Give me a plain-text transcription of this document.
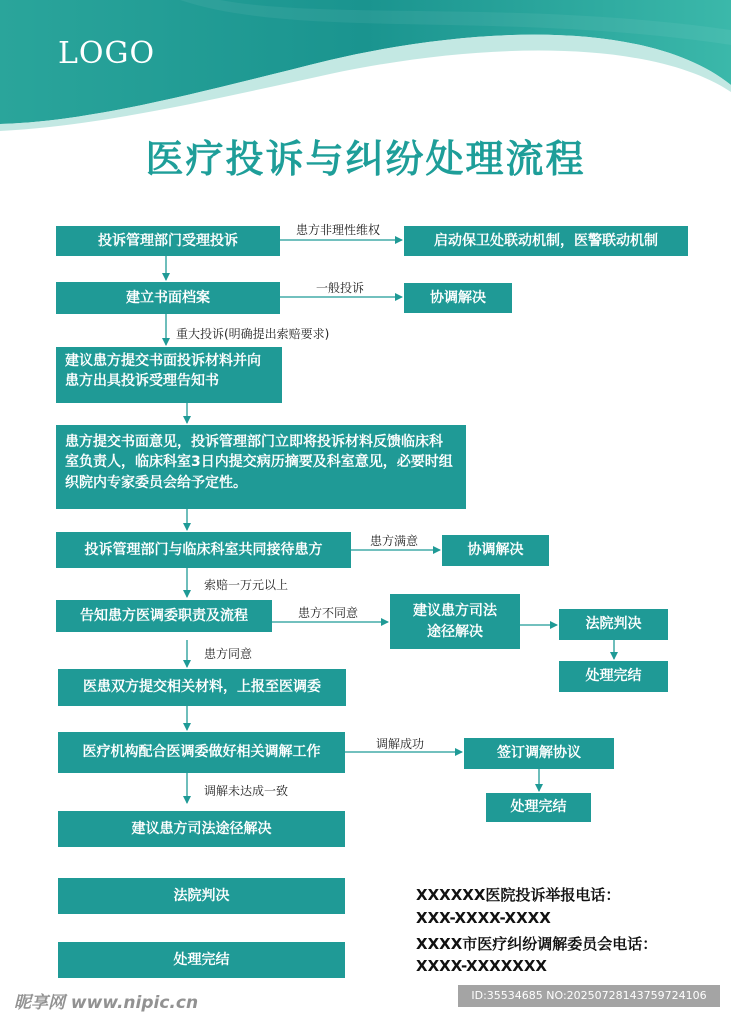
LOGO
医疗投诉与纠纷处理流程
投诉管理部门受理投诉	启动保卫处联动机制，医警联动机制
建立书面档案	协调解决
建议患方提交书面投诉材料并向患方出具投诉受理告知书
患方提交书面意见，投诉管理部门立即将投诉材料反馈临床科室负责人，临床科室3日内提交病历摘要及科室意见，必要时组织院内专家委员会给予定性。
投诉管理部门与临床科室共同接待患方	协调解决
告知患方医调委职责及流程	建议患方司法途径解决	法院判决
处理完结
医患双方提交相关材料，上报至医调委
医疗机构配合医调委做好相关调解工作	签订调解协议
处理完结
建议患方司法途径解决
法院判决
处理完结
患方非理性维权
一般投诉
重大投诉(明确提出索赔要求)
患方满意
索赔一万元以上
患方不同意
患方同意
调解成功
调解未达成一致
XXXXXX医院投诉举报电话：
XXX-XXXX-XXXX
XXXX市医疗纠纷调解委员会电话：
XXXX-XXXXXXX
昵享网 www.nipic.cn	ID:35534685 NO:20250728143759724106
